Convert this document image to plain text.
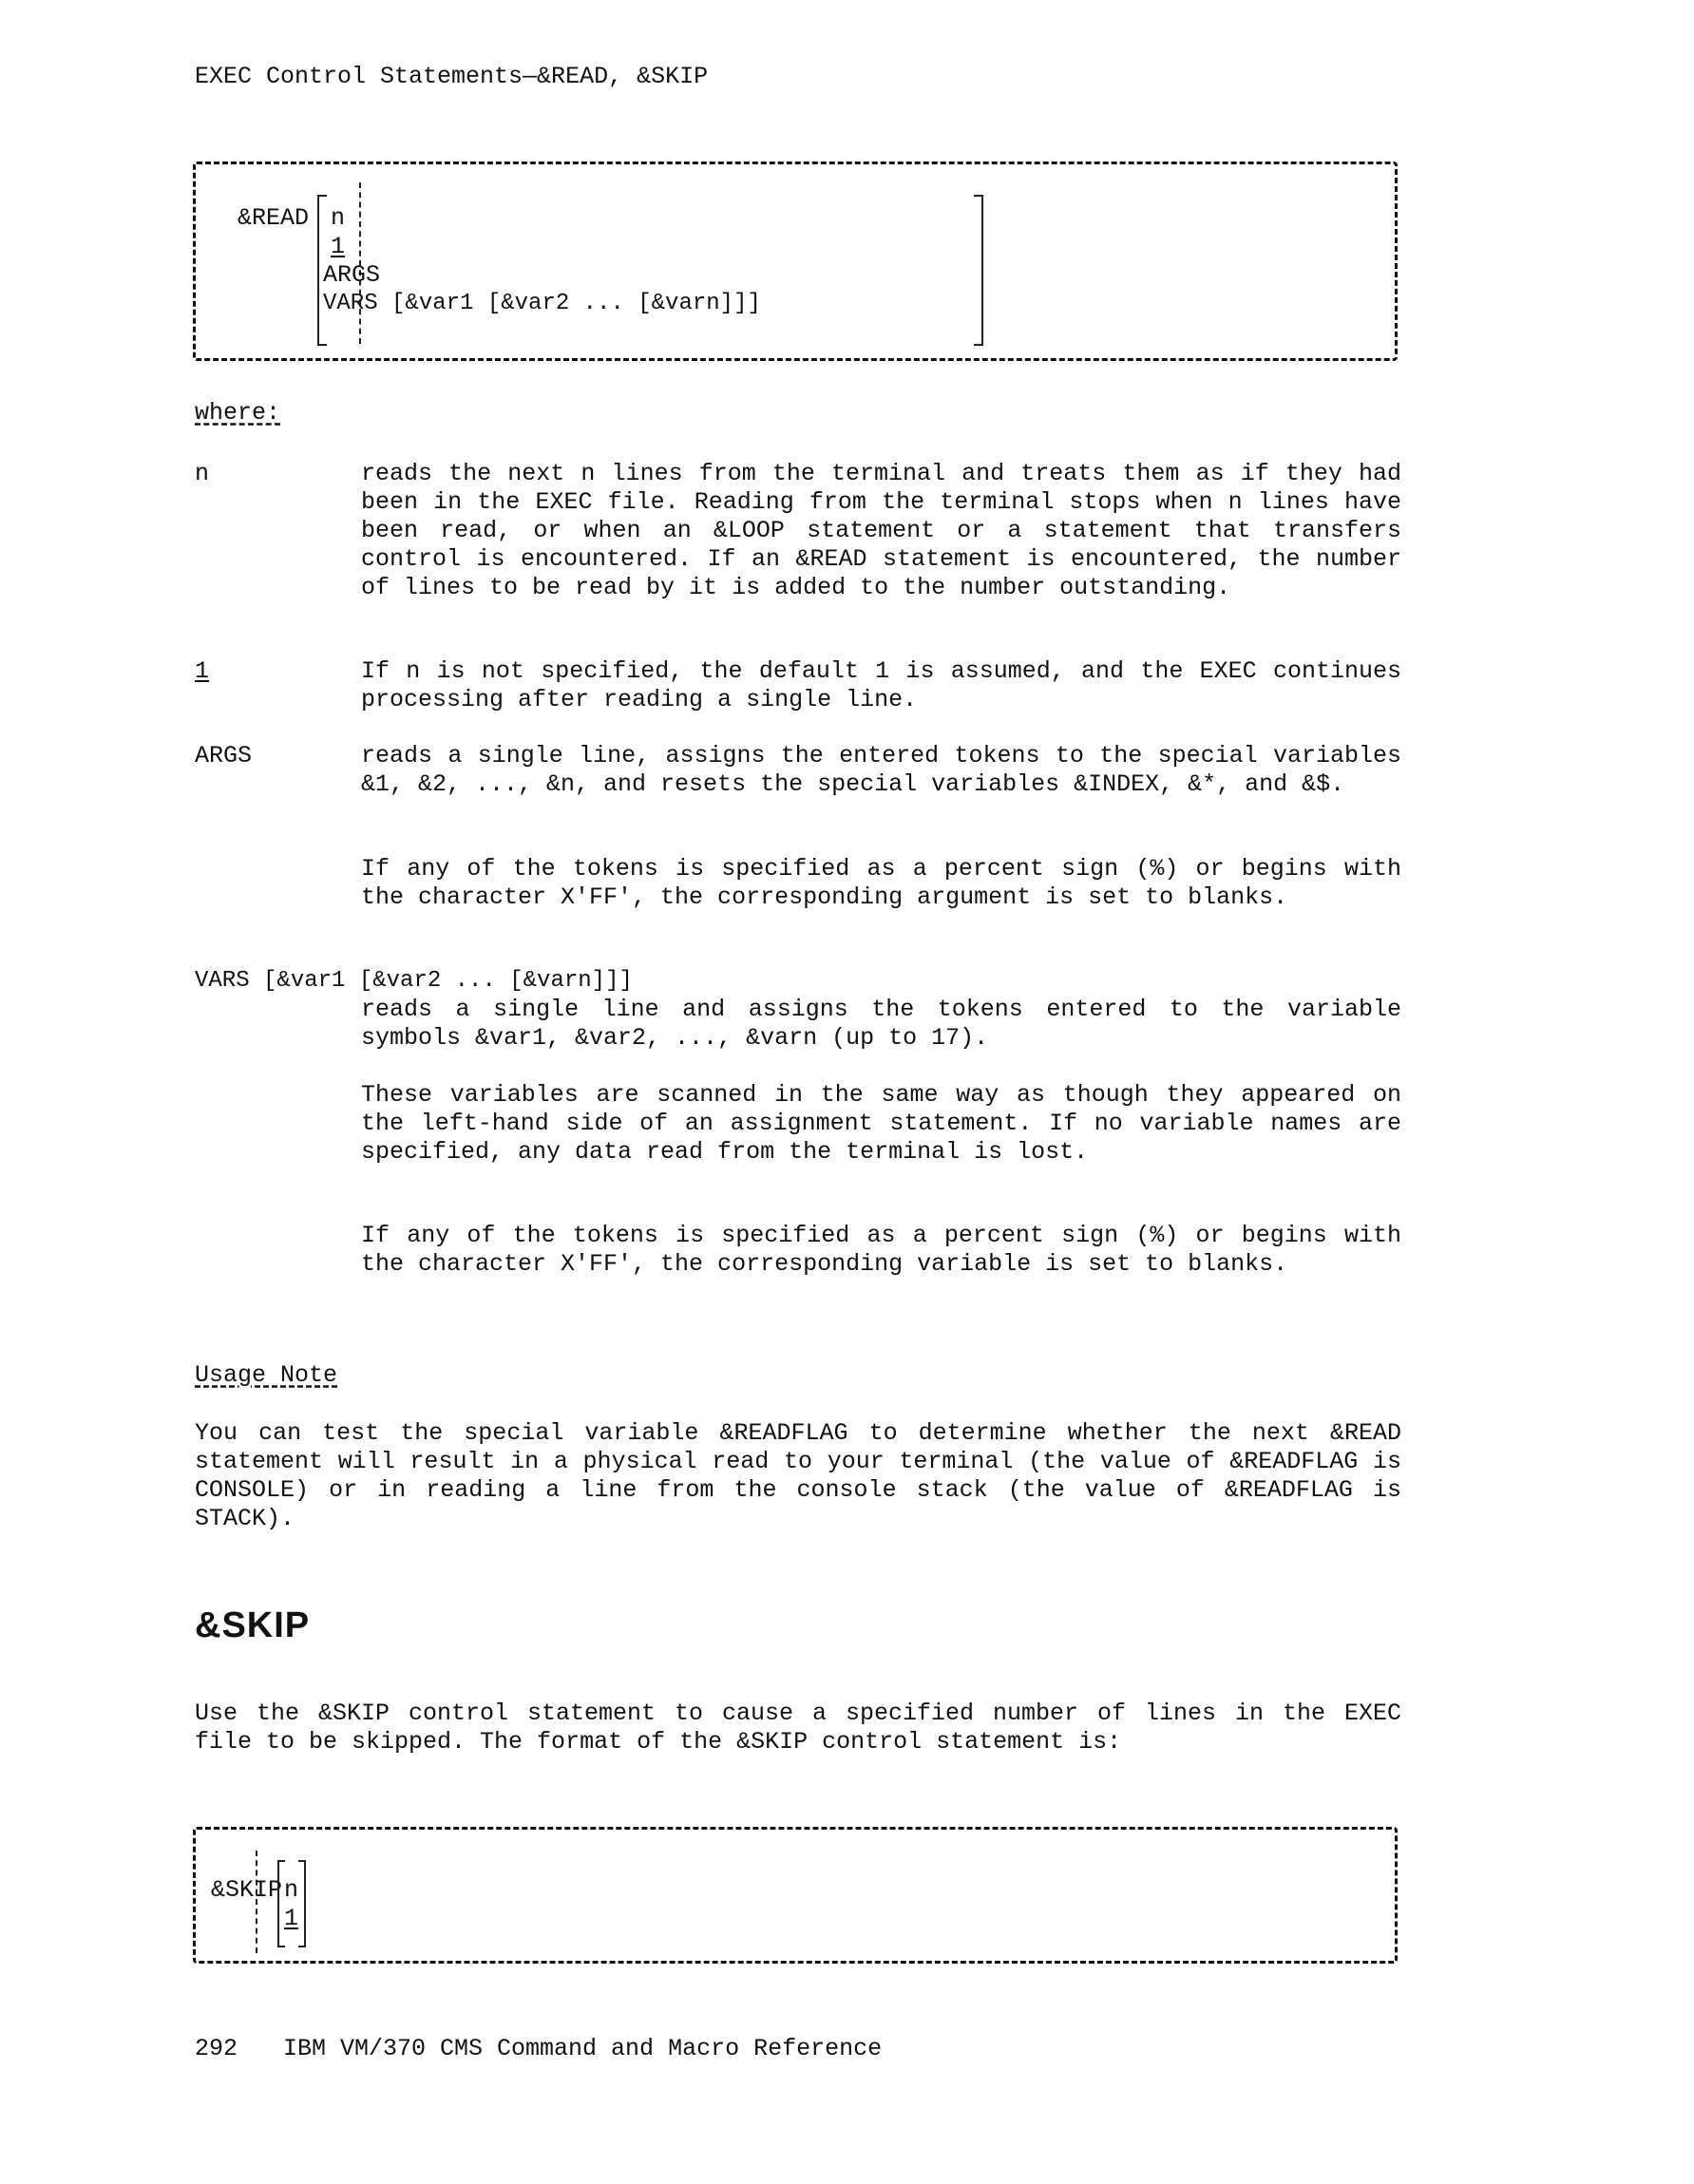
EXEC Control Statements—&READ, &SKIP
&READ n
1
ARGS
VARS [&var1 [&var2 ... [&varn]]]
where:
n	reads the next n lines from the terminal and treats them as if they had been in the EXEC file. Reading from the terminal stops when n lines have been read, or when an &LOOP statement or a statement that transfers control is encountered. If an &READ statement is encountered, the number of lines to be read by it is added to the number outstanding.
1	If n is not specified, the default 1 is assumed, and the EXEC continues processing after reading a single line.
ARGS	reads a single line, assigns the entered tokens to the special variables &1, &2, ..., &n, and resets the special variables &INDEX, &*, and &$.
If any of the tokens is specified as a percent sign (%) or begins with the character X'FF', the corresponding argument is set to blanks.
VARS [&var1 [&var2 ... [&varn]]]
reads a single line and assigns the tokens entered to the variable symbols &var1, &var2, ..., &varn (up to 17).
These variables are scanned in the same way as though they appeared on the left-hand side of an assignment statement. If no variable names are specified, any data read from the terminal is lost.
If any of the tokens is specified as a percent sign (%) or begins with the character X'FF', the corresponding variable is set to blanks.
Usage Note
You can test the special variable &READFLAG to determine whether the next &READ statement will result in a physical read to your terminal (the value of &READFLAG is CONSOLE) or in reading a line from the console stack (the value of &READFLAG is STACK).
&SKIP
Use the &SKIP control statement to cause a specified number of lines in the EXEC file to be skipped. The format of the &SKIP control statement is:
&SKIP n
1
292 IBM VM/370 CMS Command and Macro Reference
